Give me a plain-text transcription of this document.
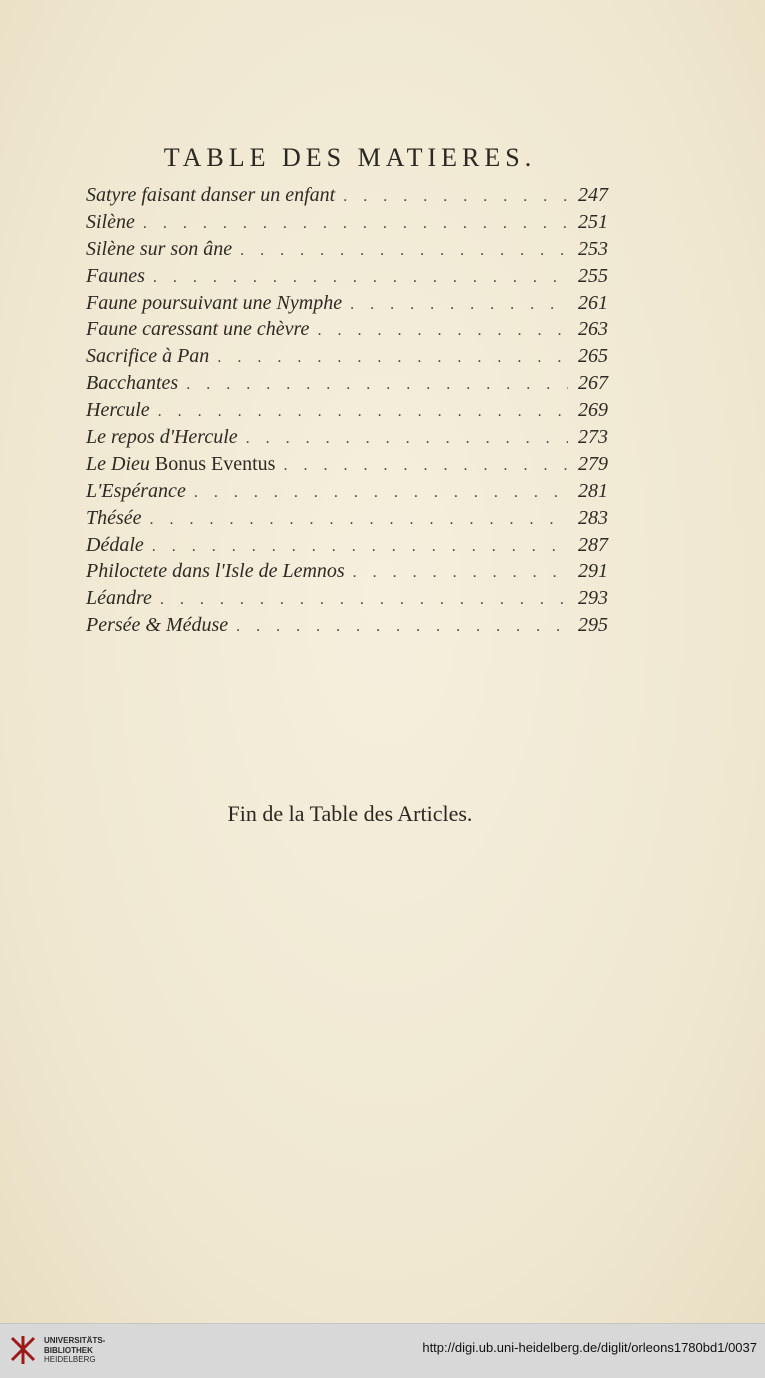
TABLE DES MATIERES.
Satyre faisant danser un enfant . . .	247
Silène . . .	251
Silène sur son âne . . .	253
Faunes . . .	255
Faune poursuivant une Nymphe . . .	261
Faune caressant une chèvre . . .	263
Sacrifice à Pan . . .	265
Bacchantes . . .	267
Hercule . . .	269
Le repos d'Hercule . . .	273
Le Dieu Bonus Eventus . . .	279
L'Espérance . . .	281
Thésée . . .	283
Dédale . . .	287
Philoctete dans l'Isle de Lemnos . . .	291
Léandre . . .	293
Persée & Méduse . . .	295
Fin de la Table des Articles.
UNIVERSITÄTS-
BIBLIOTHEK
HEIDELBERG
http://digi.ub.uni-heidelberg.de/diglit/orleons1780bd1/0037
